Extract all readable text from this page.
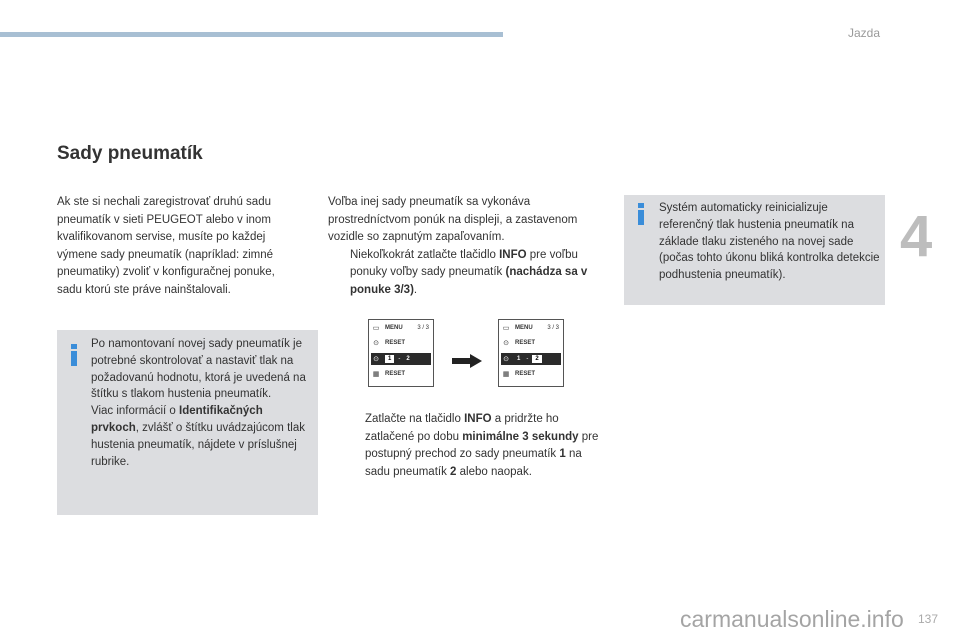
Jazda
4
Sady pneumatík

Ak ste si nechali zaregistrovať druhú sadu pneumatík v sieti PEUGEOT alebo v inom kvalifikovanom servise, musíte po každej výmene sady pneumatík (napríklad: zimné pneumatiky) zvoliť v konfiguračnej ponuke, sadu ktorú ste práve nainštalovali.

Po namontovaní novej sady pneumatík je potrebné skontrolovať a nastaviť tlak na požadovanú hodnotu, ktorá je uvedená na štítku s tlakom hustenia pneumatík.
Viac informácií o Identifikačných prvkoch, zvlášť o štítku uvádzajúcom tlak hustenia pneumatík, nájdete v príslušnej rubrike.

Voľba inej sady pneumatík sa vykonáva prostredníctvom ponúk na displeji, a zastavenom vozidle so zapnutým zapaľovaním.

Niekoľkokrát zatlačte tlačidlo INFO pre voľbu ponuky voľby sady pneumatík (nachádza sa v ponuke 3/3).
▭ MENU 3 / 3
⊙	RESET
⊙	1	-	2
▦ RESET
▭ MENU 3 / 3
⊙	RESET
⊙	1	-	2
▦ RESET
Zatlačte na tlačidlo INFO a pridržte ho zatlačené po dobu minimálne 3 sekundy pre postupný prechod zo sady pneumatík 1 na sadu pneumatík 2 alebo naopak.
Systém automaticky reinicializuje referenčný tlak hustenia pneumatík na základe tlaku zisteného na novej sade (počas tohto úkonu bliká kontrolka detekcie podhustenia pneumatík).
carmanualsonline.info 137
